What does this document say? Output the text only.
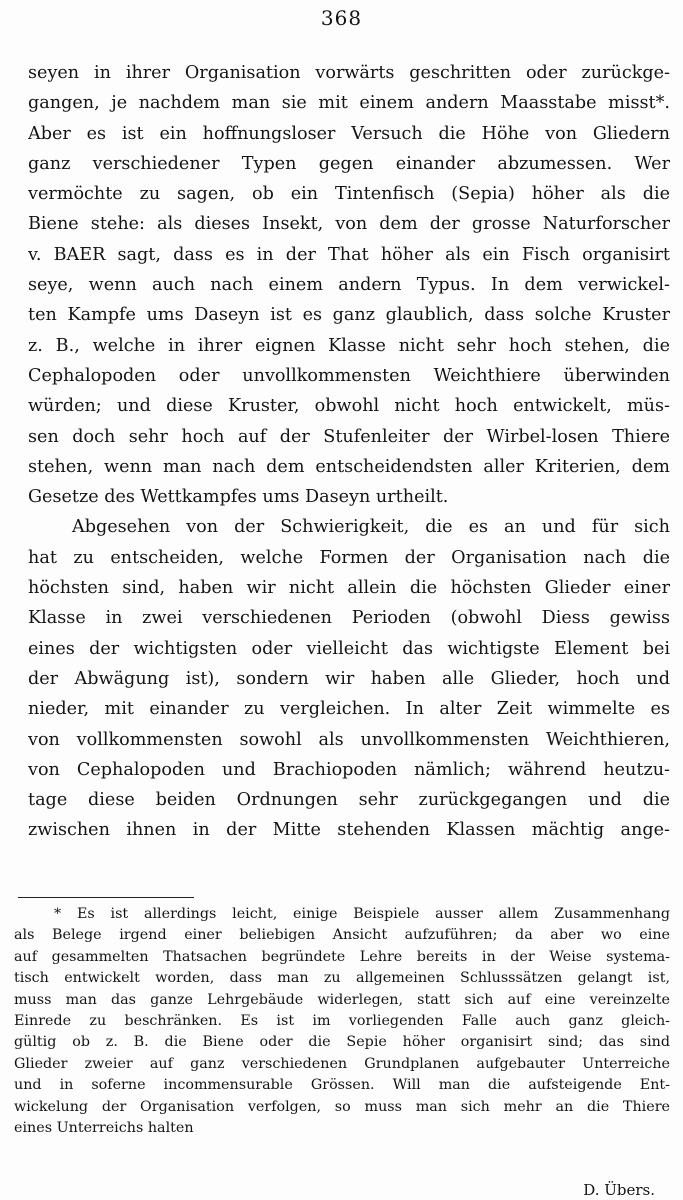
368
seyen in ihrer Organisation vorwärts geschritten oder zurückge-
gangen, je nachdem man sie mit einem andern Maasstabe misst*.
Aber es ist ein hoffnungsloser Versuch die Höhe von Gliedern
ganz verschiedener Typen gegen einander abzumessen. Wer
vermöchte zu sagen, ob ein Tintenfisch (Sepia) höher als die
Biene stehe: als dieses Insekt, von dem der grosse Naturforscher
v. BAER sagt, dass es in der That höher als ein Fisch organisirt
seye, wenn auch nach einem andern Typus. In dem verwickel-
ten Kampfe ums Daseyn ist es ganz glaublich, dass solche Kruster
z. B., welche in ihrer eignen Klasse nicht sehr hoch stehen, die
Cephalopoden oder unvollkommensten Weichthiere überwinden
würden; und diese Kruster, obwohl nicht hoch entwickelt, müs-
sen doch sehr hoch auf der Stufenleiter der Wirbel-losen Thiere
stehen, wenn man nach dem entscheidendsten aller Kriterien, dem
Gesetze des Wettkampfes ums Daseyn urtheilt.
Abgesehen von der Schwierigkeit, die es an und für sich
hat zu entscheiden, welche Formen der Organisation nach die
höchsten sind, haben wir nicht allein die höchsten Glieder einer
Klasse in zwei verschiedenen Perioden (obwohl Diess gewiss
eines der wichtigsten oder vielleicht das wichtigste Element bei
der Abwägung ist), sondern wir haben alle Glieder, hoch und
nieder, mit einander zu vergleichen. In alter Zeit wimmelte es
von vollkommensten sowohl als unvollkommensten Weichthieren,
von Cephalopoden und Brachiopoden nämlich; während heutzu-
tage diese beiden Ordnungen sehr zurückgegangen und die
zwischen ihnen in der Mitte stehenden Klassen mächtig ange-
* Es ist allerdings leicht, einige Beispiele ausser allem Zusammenhang
als Belege irgend einer beliebigen Ansicht aufzuführen; da aber wo eine
auf gesammelten Thatsachen begründete Lehre bereits in der Weise systema-
tisch entwickelt worden, dass man zu allgemeinen Schlusssätzen gelangt ist,
muss man das ganze Lehrgebäude widerlegen, statt sich auf eine vereinzelte
Einrede zu beschränken. Es ist im vorliegenden Falle auch ganz gleich-
gültig ob z. B. die Biene oder die Sepie höher organisirt sind; das sind
Glieder zweier auf ganz verschiedenen Grundplanen aufgebauter Unterreiche
und in soferne incommensurable Grössen. Will man die aufsteigende Ent-
wickelung der Organisation verfolgen, so muss man sich mehr an die Thiere
eines Unterreichs halten
D. Übers.
